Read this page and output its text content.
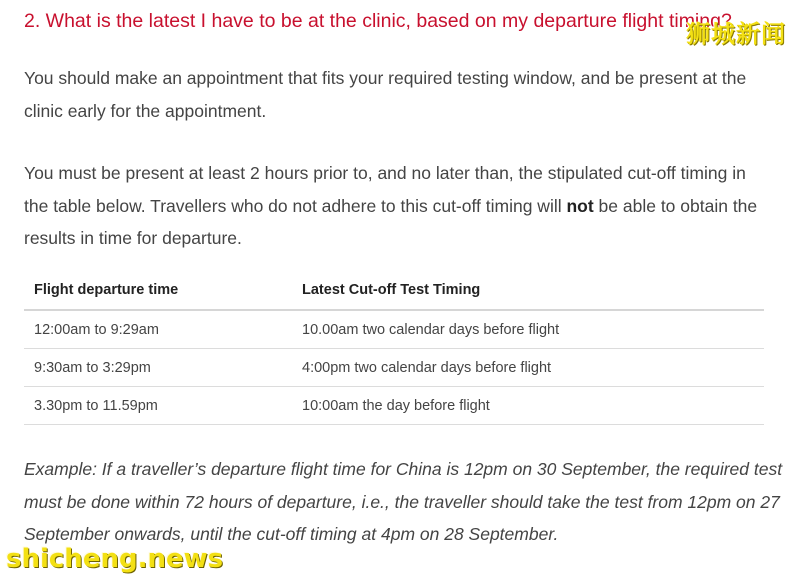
2. What is the latest I have to be at the clinic, based on my departure flight timing?
You should make an appointment that fits your required testing window, and be present at the clinic early for the appointment.
You must be present at least 2 hours prior to, and no later than, the stipulated cut-off timing in the table below. Travellers who do not adhere to this cut-off timing will not be able to obtain the results in time for departure.
Flight departure time	Latest Cut-off Test Timing
12:00am to 9:29am	10.00am two calendar days before flight
9:30am to 3:29pm	4:00pm two calendar days before flight
3.30pm to 11.59pm	10:00am the day before flight
Example: If a traveller’s departure flight time for China is 12pm on 30 September, the required test must be done within 72 hours of departure, i.e., the traveller should take the test from 12pm on 27 September onwards, until the cut-off timing at 4pm on 28 September.
狮城新闻
shicheng.news
